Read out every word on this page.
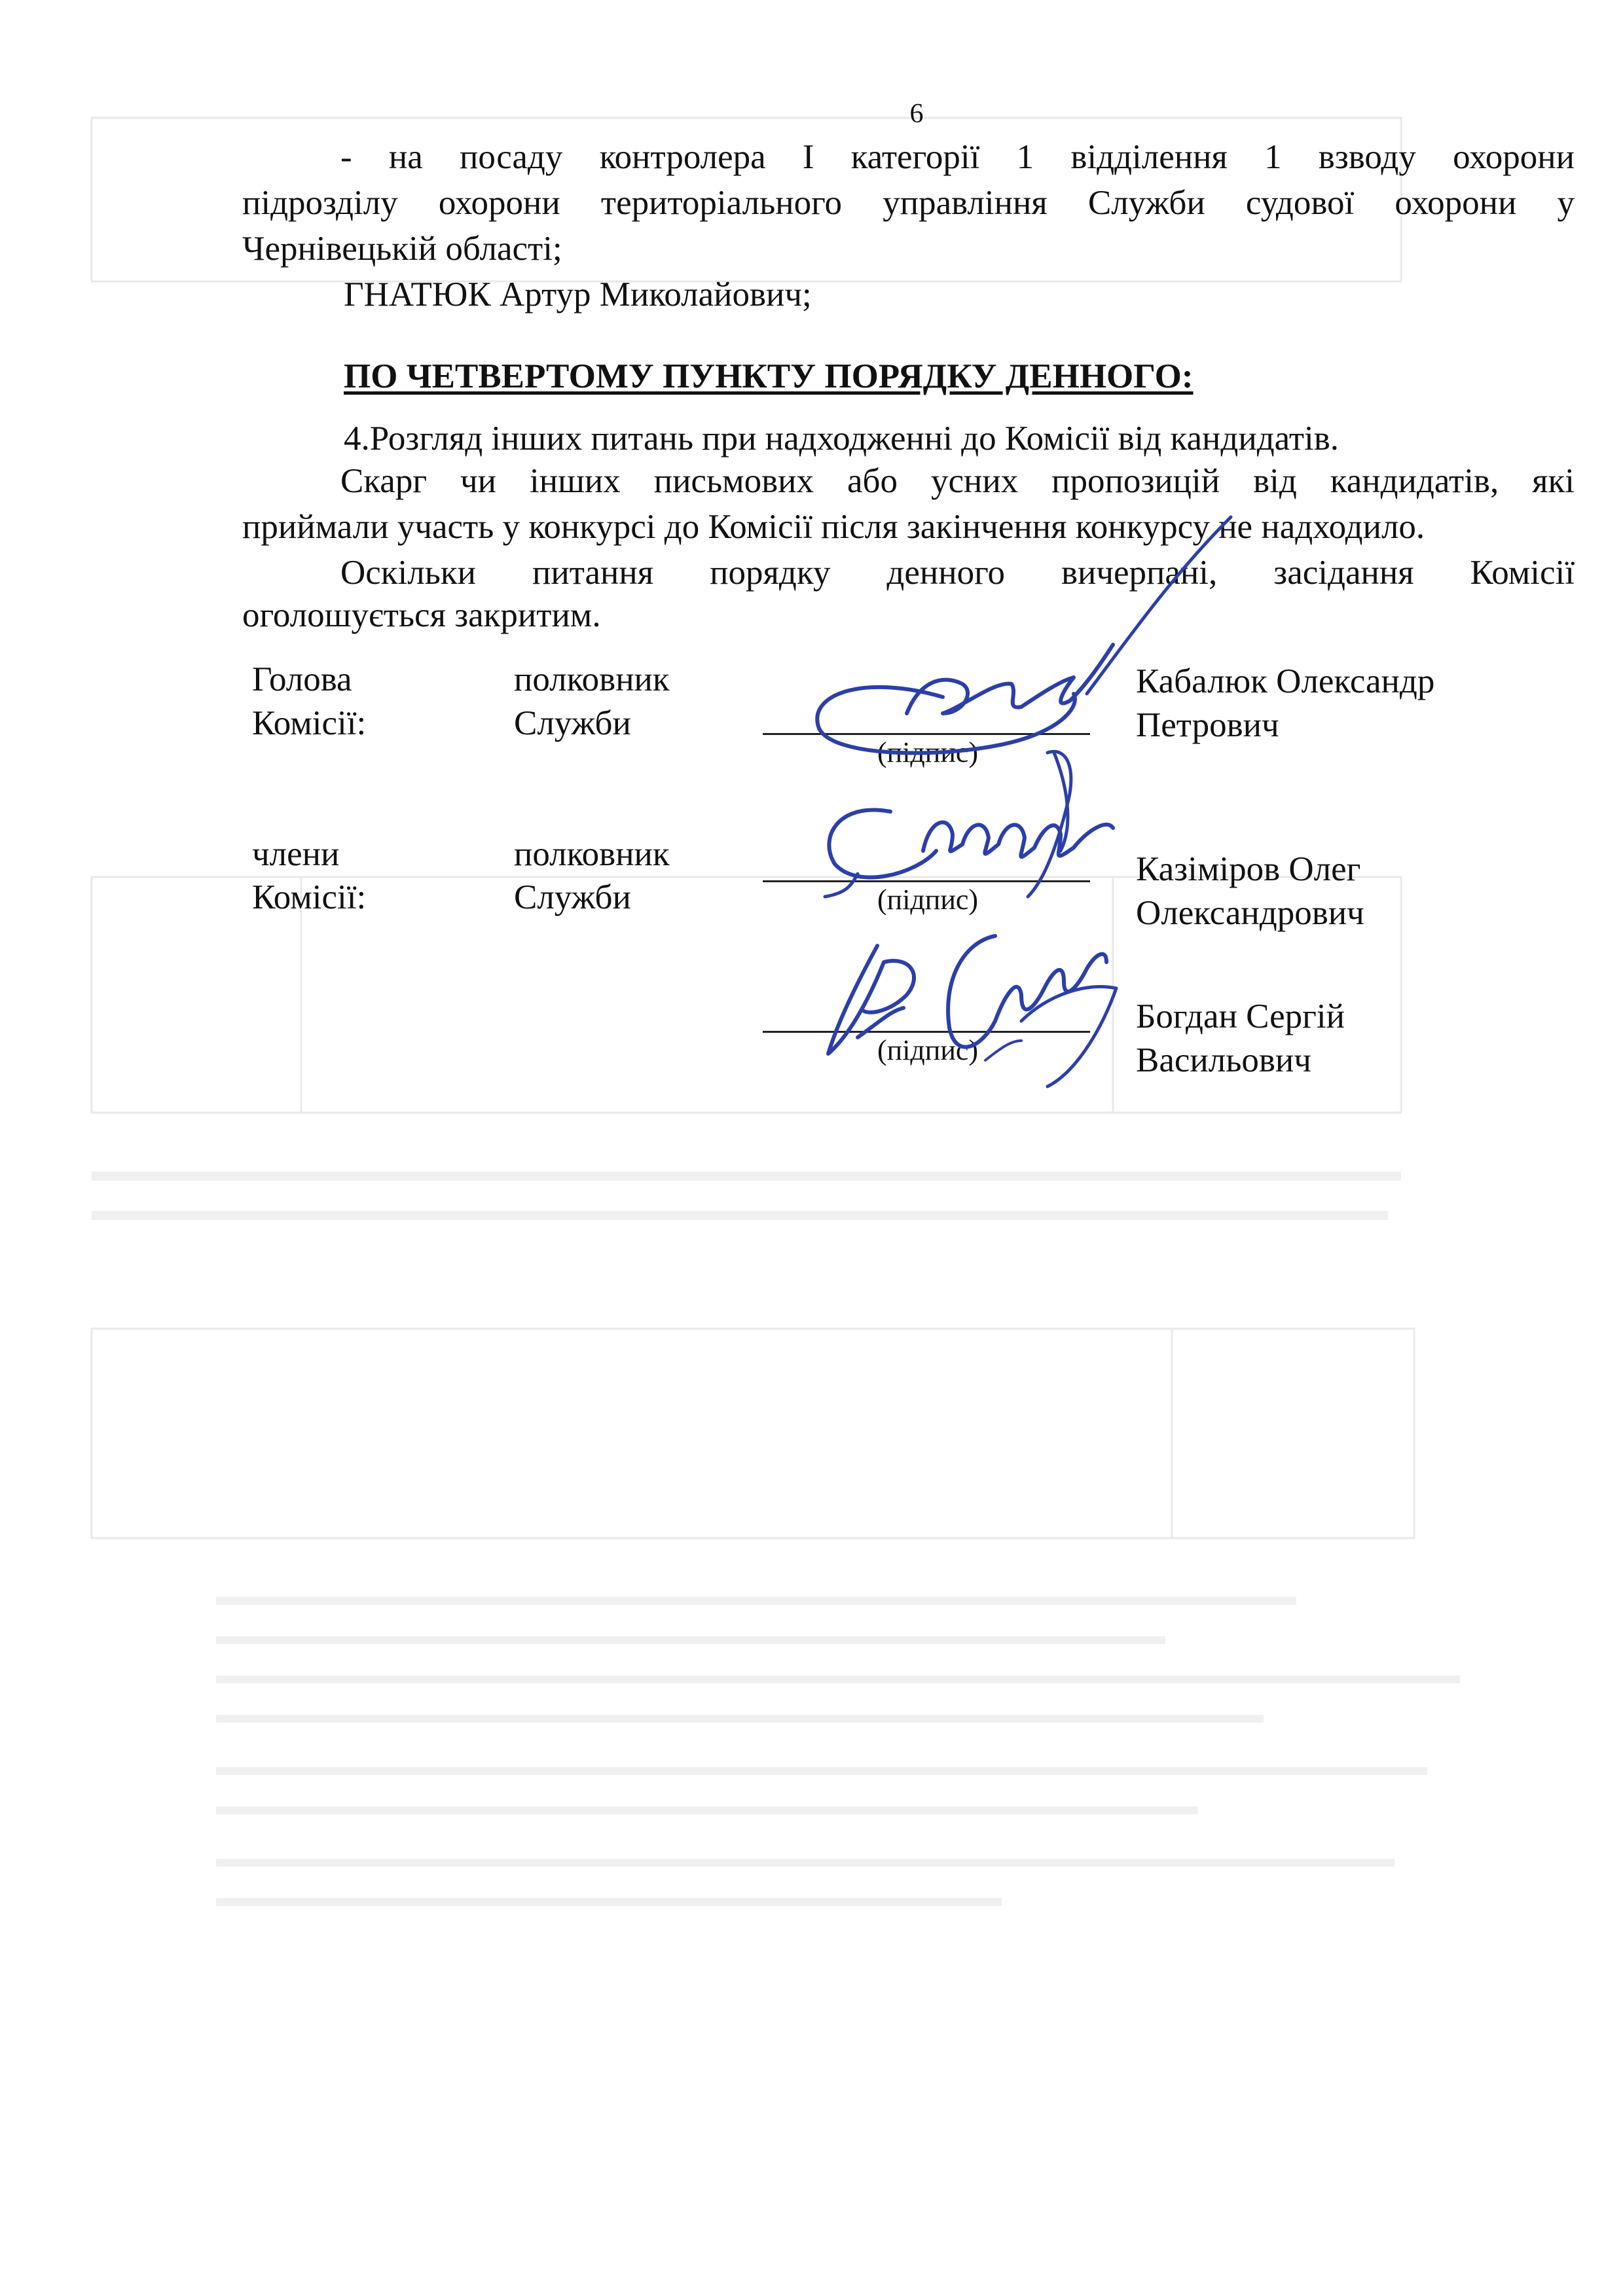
6
- на посаду контролера І категорії 1 відділення 1 взводу охорони
підрозділу охорони територіального управління Служби судової охорони у
Чернівецькій області;
ГНАТЮК Артур Миколайович;
ПО ЧЕТВЕРТОМУ ПУНКТУ ПОРЯДКУ ДЕННОГО:
4.Розгляд інших питань при надходженні до Комісії від кандидатів.
Скарг чи інших письмових або усних пропозицій від кандидатів, які
приймали участь у конкурсі до Комісії після закінчення конкурсу не надходило.
Оскільки питання порядку денного вичерпані, засідання Комісії
оголошується закритим.
Голова
Комісії:
полковник
Служби
(підпис)
Кабалюк Олександр
Петрович
члени
Комісії:
полковник
Служби	(підпис)
Казіміров Олег
Олександрович
(підпис)
Богдан Сергій
Васильович
